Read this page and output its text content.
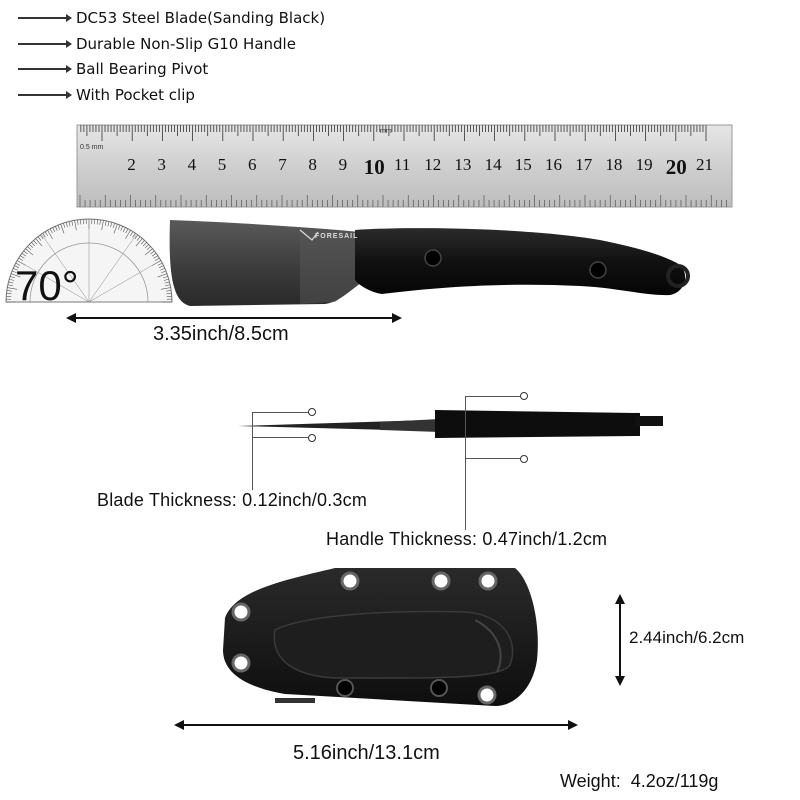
DC53 Steel Blade(Sanding Black)
Durable Non-Slip G10 Handle
Ball Bearing Pivot
With Pocket clip
0.5 mm
mm
2 3 4 5 6 7 8 9 10 11 12 13 14 15 16 17 18 19 20 21
70°
FORESAIL
3.35inch/8.5cm
Blade Thickness: 0.12inch/0.3cm
Handle Thickness: 0.47inch/1.2cm
2.44inch/6.2cm
5.16inch/13.1cm
Weight:  4.2oz/119g
